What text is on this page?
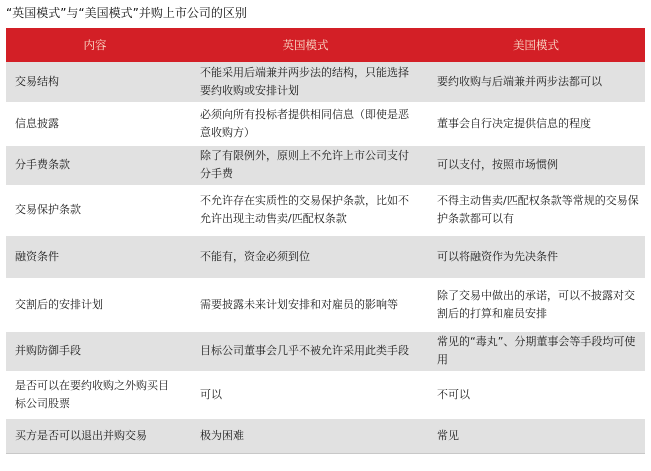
“英国模式”与“美国模式”并购上市公司的区别
内容	英国模式	美国模式
交易结构	不能采用后端兼并两步法的结构，只能选择要约收购或安排计划	要约收购与后端兼并两步法都可以
信息披露	必须向所有投标者提供相同信息（即使是恶意收购方）	董事会自行决定提供信息的程度
分手费条款	除了有限例外，原则上不允许上市公司支付分手费	可以支付，按照市场惯例
交易保护条款	不允许存在实质性的交易保护条款，比如不允许出现主动售卖/匹配权条款	不得主动售卖/匹配权条款等常规的交易保护条款都可以有
融资条件	不能有，资金必须到位	可以将融资作为先决条件
交割后的安排计划	需要披露未来计划安排和对雇员的影响等	除了交易中做出的承诺，可以不披露对交割后的打算和雇员安排
并购防御手段	目标公司董事会几乎不被允许采用此类手段	常见的“毒丸”、分期董事会等手段均可使用
是否可以在要约收购之外购买目标公司股票	可以	不可以
买方是否可以退出并购交易	极为困难	常见
